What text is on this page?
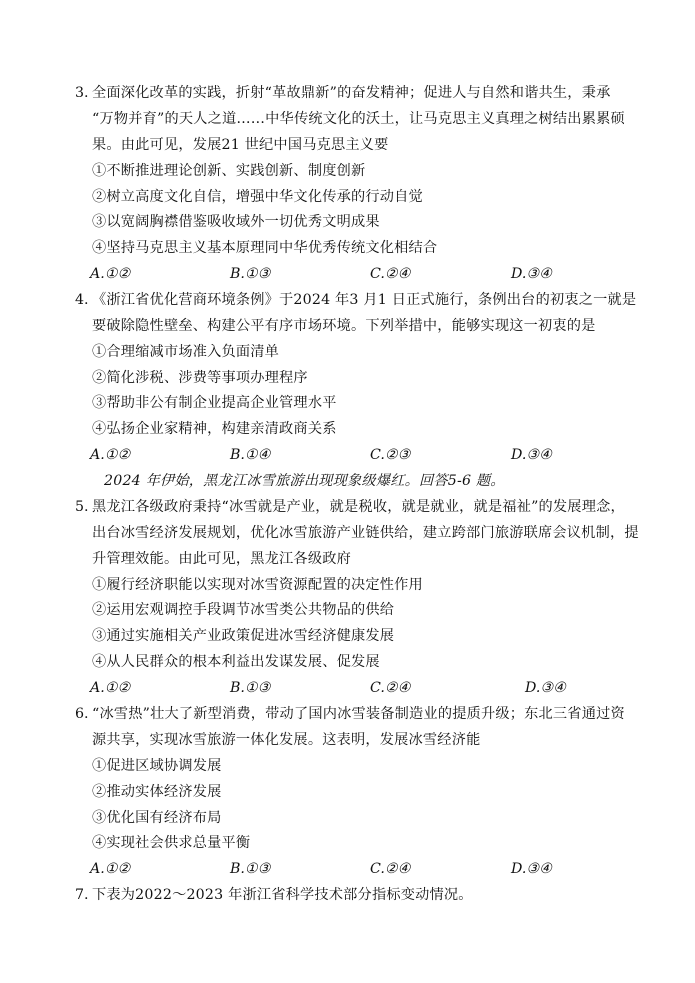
3. 全面深化改革的实践，折射“革故鼎新”的奋发精神；促进人与自然和谐共生，秉承
“万物并育”的天人之道……中华传统文化的沃土，让马克思主义真理之树结出累累硕
果。由此可见，发展21 世纪中国马克思主义要
①不断推进理论创新、实践创新、制度创新
②树立高度文化自信，增强中华文化传承的行动自觉
③以宽阔胸襟借鉴吸收域外一切优秀文明成果
④坚持马克思主义基本原理同中华优秀传统文化相结合
A.①②	B.①③	C.②④	D.③④
4. 《浙江省优化营商环境条例》于2024 年3 月1 日正式施行，条例出台的初衷之一就是
要破除隐性壁垒、构建公平有序市场环境。下列举措中，能够实现这一初衷的是
①合理缩减市场准入负面清单
②简化涉税、涉费等事项办理程序
③帮助非公有制企业提高企业管理水平
④弘扬企业家精神，构建亲清政商关系
A.①②	B.①④	C.②③	D.③④
2024 年伊始，黑龙江冰雪旅游出现现象级爆红。回答5-6 题。
5. 黑龙江各级政府秉持“冰雪就是产业，就是税收，就是就业，就是福祉”的发展理念，
出台冰雪经济发展规划，优化冰雪旅游产业链供给，建立跨部门旅游联席会议机制，提
升管理效能。由此可见，黑龙江各级政府
①履行经济职能以实现对冰雪资源配置的决定性作用
②运用宏观调控手段调节冰雪类公共物品的供给
③通过实施相关产业政策促进冰雪经济健康发展
④从人民群众的根本利益出发谋发展、促发展
A.①②	B.①③	C.②④	D.③④
6. “冰雪热”壮大了新型消费，带动了国内冰雪装备制造业的提质升级；东北三省通过资
源共享，实现冰雪旅游一体化发展。这表明，发展冰雪经济能
①促进区域协调发展
②推动实体经济发展
③优化国有经济布局
④实现社会供求总量平衡
A.①②	B.①③	C.②④	D.③④
7. 下表为2022～2023 年浙江省科学技术部分指标变动情况。
